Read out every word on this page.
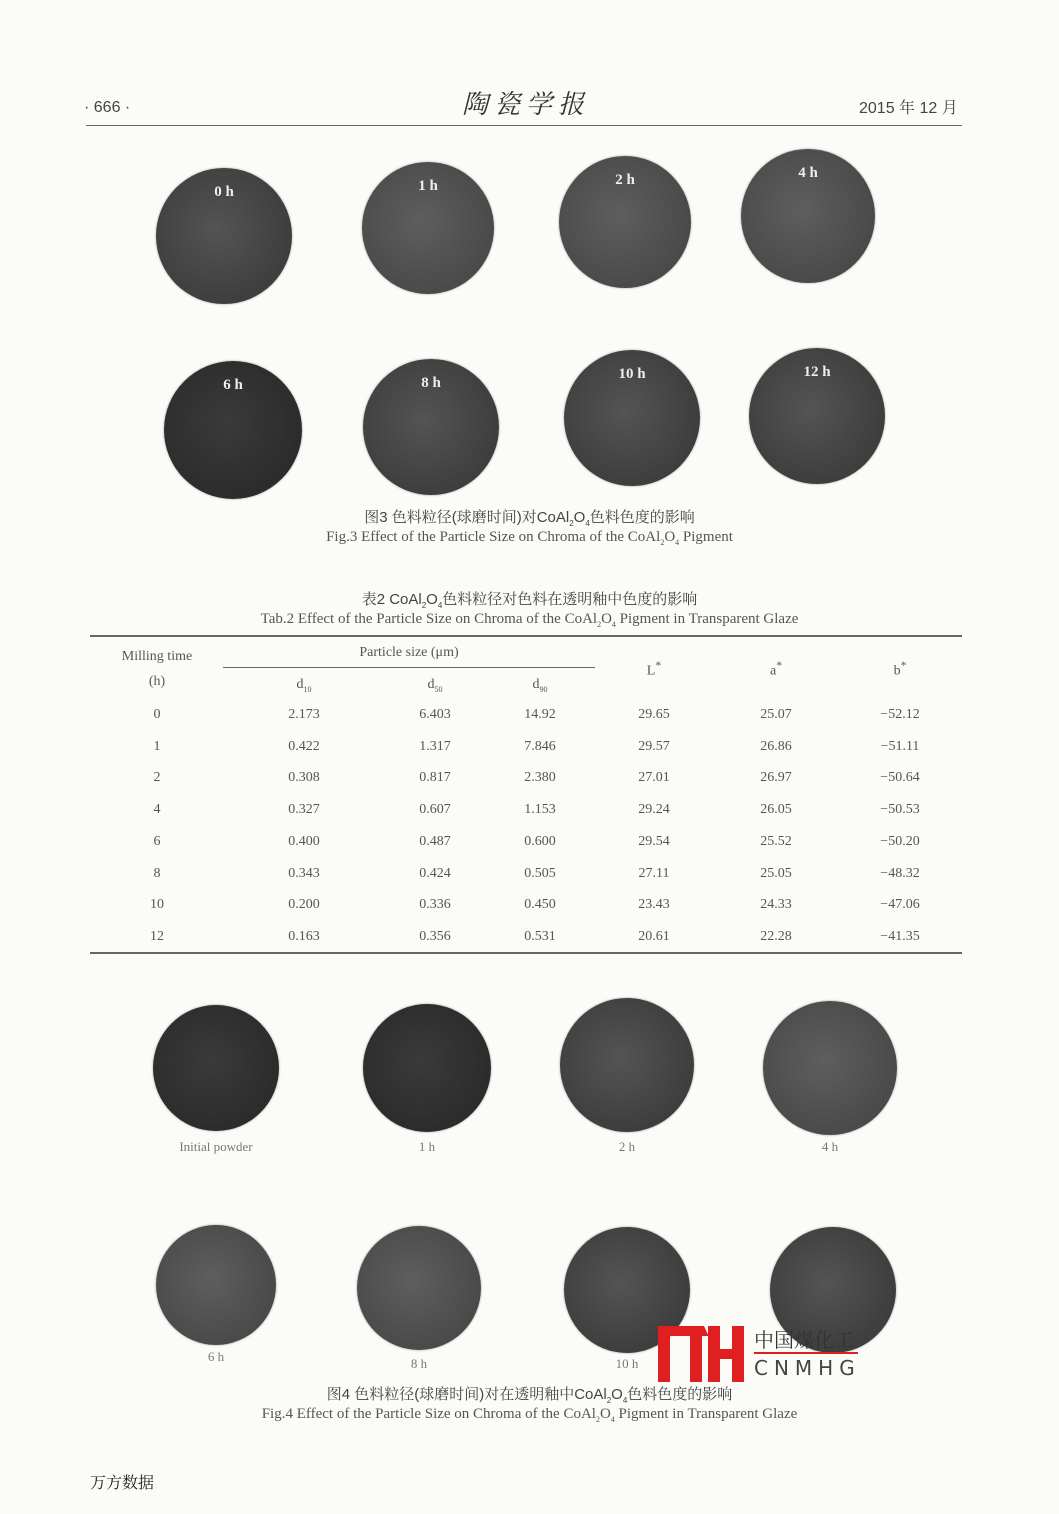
· 666 ·	陶瓷学报	2015 年 12 月
0 h	1 h	2 h	4 h
6 h	8 h
10 h	12 h
图3 色料粒径(球磨时间)对$CoAl_2O_4$色料色度的影响
Fig.3 Effect of the Particle Size on Chroma of the $CoAl_2O_4$ Pigment
表2 $CoAl_2O_4$色料粒径对色料在透明釉中色度的影响
Tab.2 Effect of the Particle Size on Chroma of the $CoAl_2O_4$ Pigment in Transparent Glaze
Milling time
(h)
Particle size (μm)
$d_{10}$	$d_{50}$	$d_{90}$
L*	a*	b*
0	2.173	6.403	14.92	29.65	25.07	−52.12
1	0.422	1.317	7.846	29.57	26.86	−51.11
2	0.308	0.817	2.380	27.01	26.97	−50.64
4	0.327	0.607	1.153	29.24	26.05	−50.53
6	0.400	0.487	0.600	29.54	25.52	−50.20
8	0.343	0.424	0.505	27.11	25.05	−48.32
10	0.200	0.336	0.450	23.43	24.33	−47.06
12	0.163	0.356	0.531	20.61	22.28	−41.35
Initial powder	1 h	2 h	4 h
6 h	8 h	10 h
图4 色料粒径(球磨时间)对在透明釉中$CoAl_2O_4$色料色度的影响
Fig.4 Effect of the Particle Size on Chroma of the $CoAl_2O_4$ Pigment in Transparent Glaze
中国煤化工
CNMHG
万方数据
